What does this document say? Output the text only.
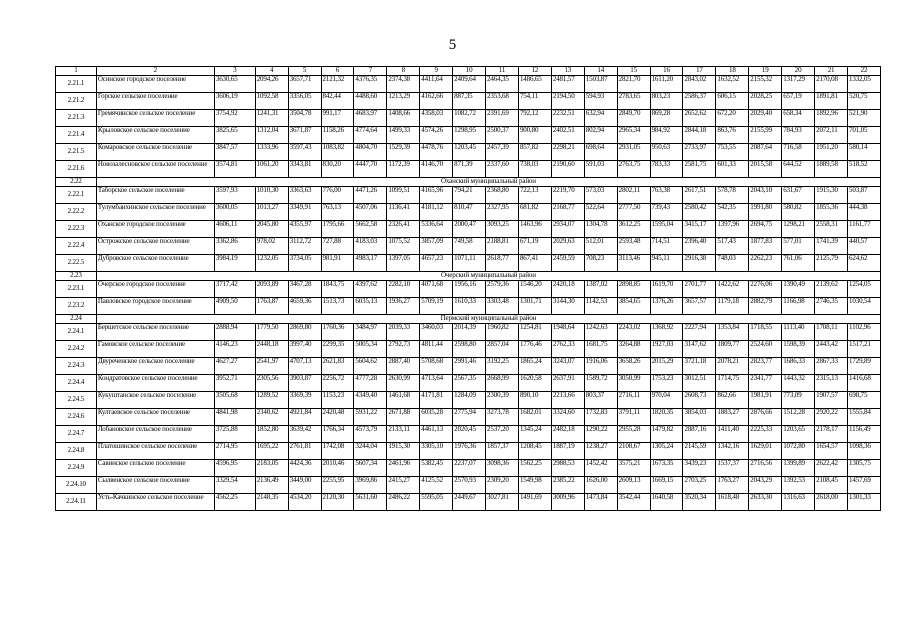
5
1	2	3	4	5	6	7	8	9	10	11	12	13	14	15	16	17	18	19	20	21	22
2.21.1	Осинское городское поселение	3630,65	2094,26	3657,71	2121,32	4376,35	2374,38	4411,64	2409,64	2464,35	1486,65	2481,57	1503,87	2821,70	1611,20	2843,02	1632,52	2155,32	1317,29	2170,08	1332,05
2.21.2	Горское сельское поселение	3606,19	1092,58	3356,05	842,44	4488,60	1213,29	4162,66	887,35	2353,68	754,11	2194,50	594,93	2783,65	803,23	2586,37	606,15	2028,25	657,19	1891,81	520,75
2.21.3	Гремячинское сельское поселение	3754,92	1241,31	3504,78	991,17	4683,97	1408,66	4358,03	1082,72	2391,69	792,12	2232,51	632,94	2849,70	869,28	2652,62	672,20	2029,40	658,34	1892,96	521,90
2.21.4	Крыловское сельское поселение	3825,65	1312,04	3671,87	1158,26	4774,64	1499,33	4574,26	1298,95	2500,37	900,80	2402,51	802,94	2965,34	984,92	2844,18	863,76	2155,99	784,93	2072,11	701,05
2.21.5	Комаровское сельское поселение	3847,57	1333,96	3597,43	1083,82	4804,70	1529,39	4478,76	1203,45	2457,39	857,82	2298,21	698,64	2931,05	950,63	2733,97	753,55	2087,64	716,58	1951,20	580,14
2.21.6	Новозалесновское сельское поселение	3574,81	1061,20	3343,81	830,20	4447,70	1172,39	4146,70	871,39	2337,60	738,03	2190,60	591,03	2763,75	783,33	2581,75	601,33	2015,58	644,52	1889,58	518,52
2.22	Оханский муниципальный район																				
2.22.1	Таборское сельское поселение	3597,93	1010,30	3363,63	776,00	4471,26	1099,51	4165,96	794,21	2368,80	722,13	2219,70	573,03	2802,11	763,38	2617,51	578,78	2043,10	631,67	1915,30	503,87
2.22.2	Тулумбаихинское сельское поселение	3600,05	1013,27	3349,91	763,13	4507,06	1136,41	4181,12	810,47	2327,95	681,82	2168,77	522,64	2777,50	739,43	2580,42	542,35	1991,80	580,82	1855,36	444,38
2.22.3	Оханское городское поселение	4606,11	2045,80	4355,97	1795,66	5662,58	2326,41	5336,64	2000,47	3093,25	1463,96	2934,07	1304,78	3612,25	1595,04	3415,17	1397,96	2694,75	1298,21	2558,31	1161,77
2.22.4	Острожское сельское поселение	3362,86	978,02	3112,72	727,88	4183,03	1075,52	3857,09	749,58	2188,81	671,19	2029,63	512,01	2593,48	714,51	2396,40	517,43	1877,83	577,01	1741,39	440,57
2.22.5	Дубровское сельское поселение	3984,19	1232,05	3734,05	981,91	4983,17	1397,05	4657,23	1071,11	2618,77	867,41	2459,59	708,23	3113,46	945,11	2916,38	748,03	2262,23	761,06	2125,79	624,62
2.23	Очерский муниципальный район																				
2.23.1	Очерское городское поселение	3717,42	2093,89	3467,28	1843,75	4397,62	2282,10	4071,68	1956,16	2579,36	1546,20	2420,18	1387,02	2898,85	1619,70	2701,77	1422,62	2276,06	1390,49	2139,62	1254,05
2.23.2	Павловское городское поселение	4909,50	1763,87	4659,36	1513,73	6035,13	1936,27	5709,19	1610,33	3303,48	1301,71	3144,30	1142,53	3854,65	1376,26	3657,57	1179,18	2882,79	1166,98	2746,35	1030,54
2.24	Пермский муниципальный район																				
2.24.1	Бершетское сельское поселение	2888,94	1779,50	2869,80	1760,36	3484,97	2039,33	3460,03	2014,39	1960,82	1254,81	1948,64	1242,63	2243,02	1368,92	2227,94	1353,84	1718,55	1113,40	1708,11	1102,96
2.24.2	Гамовское сельское поселение	4146,23	2448,18	3997,40	2299,35	5005,34	2792,73	4811,44	2598,80	2857,04	1776,46	2762,33	1681,75	3264,88	1927,03	3147,62	1809,77	2524,60	1598,39	2443,42	1517,21
2.24.3	Двуреченское сельское поселение	4627,27	2541,97	4707,13	2621,83	5604,62	2887,40	5708,68	2991,46	3192,25	1865,24	3243,07	1916,06	3658,26	2015,29	3721,18	2078,21	2823,77	1686,33	2867,33	1729,89
2.24.4	Кондратовское сельское поселение	3952,71	2305,56	3903,87	2256,72	4777,28	2630,99	4713,64	2567,35	2668,99	1620,58	2637,91	1589,72	3050,99	1753,23	3012,51	1714,75	2341,77	1443,32	2315,13	1416,68
2.24.5	Кукуштанское сельское поселение	3505,68	1289,52	3369,39	1153,23	4349,40	1461,68	4171,81	1284,09	2300,39	890,10	2213,66	803,37	2716,11	970,04	2608,73	862,66	1981,91	773,09	1907,57	698,75
2.24.6	Култаевское сельское поселение	4841,98	2340,62	4921,84	2420,48	5931,22	2671,88	6035,28	2775,94	3273,78	1682,01	3324,60	1732,83	3791,11	1820,35	3854,03	1883,27	2876,66	1512,28	2920,22	1555,84
2.24.7	Лобановское сельское поселение	3725,88	1852,80	3639,42	1766,34	4573,79	2133,11	4461,13	2020,45	2537,20	1345,24	2482,18	1290,22	2955,28	1479,82	2887,16	1411,40	2225,33	1203,65	2178,17	1156,49
2.24.8	Платошинское сельское поселение	2714,95	1695,22	2761,81	1742,08	3244,04	1915,30	3305,10	1976,36	1857,37	1208,45	1887,19	1238,27	2108,67	1305,24	2145,59	1342,16	1629,01	1072,80	1654,57	1098,36
2.24.9	Савинское сельское поселение	4596,95	2183,05	4424,36	2010,46	5607,34	2461,96	5382,45	2237,07	3098,36	1562,25	2988,53	1452,42	3575,21	1673,35	3439,23	1537,37	2716,56	1399,89	2622,42	1305,75
2.24.10	Сылвенское сельское поселение	3329,54	2136,49	3449,00	2255,95	3969,86	2415,27	4125,52	2570,93	2309,20	1549,98	2385,22	1626,00	2609,13	1669,15	2703,25	1763,27	2043,29	1392,53	2108,45	1457,69
2.24.11	Усть-Качкинское сельское поселение	4562,25	2148,35	4534,20	2120,30	5631,60	2486,22	5595,05	2449,67	3027,81	1491,69	3009,96	1473,84	3542,44	1640,58	3520,34	1618,48	2633,30	1316,63	2618,00	1301,33
